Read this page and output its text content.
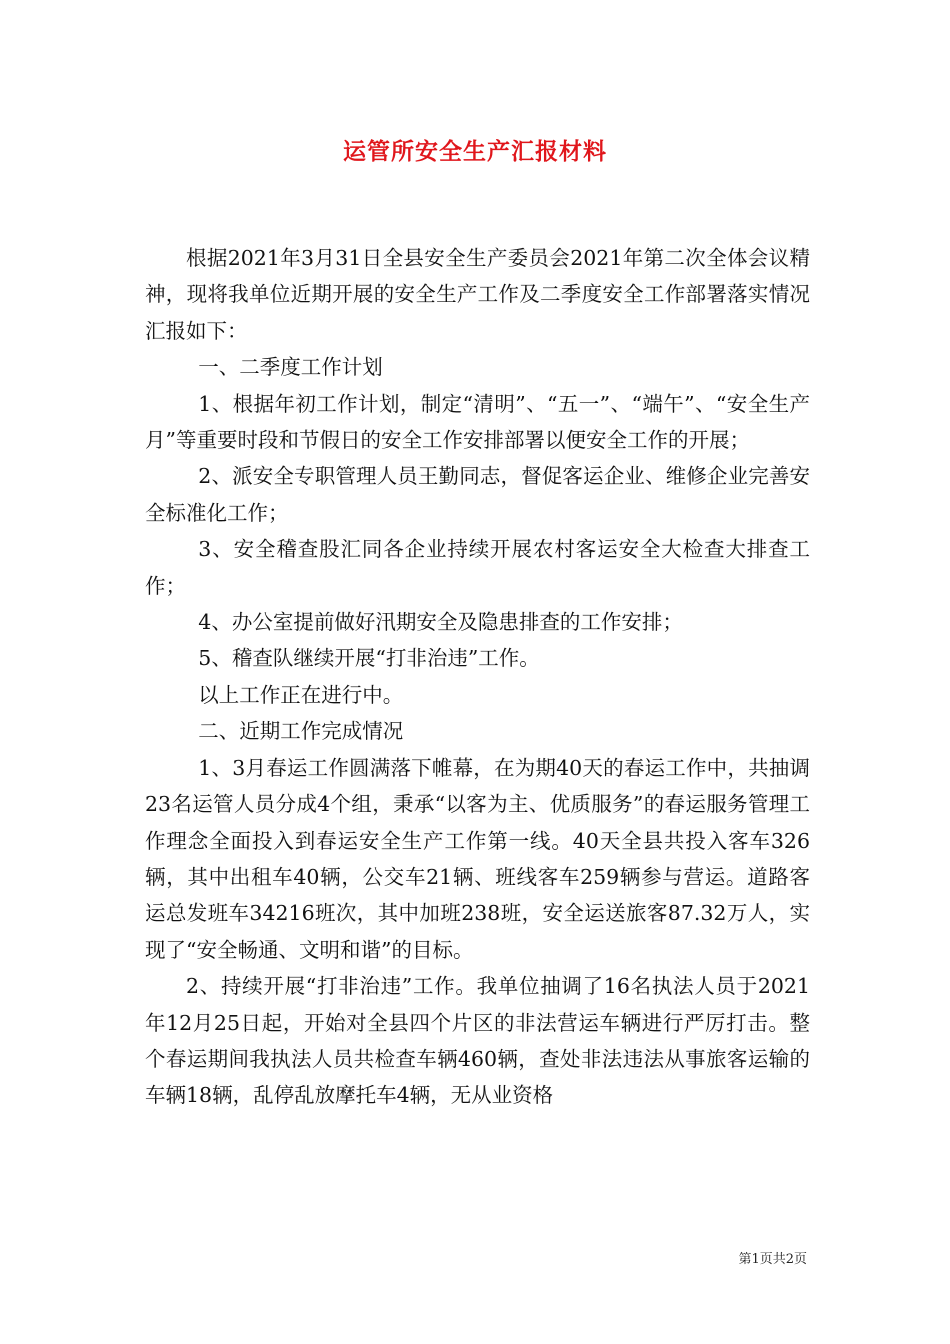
运管所安全生产汇报材料

根据2021年3月31日全县安全生产委员会2021年第二次全体会议精神，现将我单位近期开展的安全生产工作及二季度安全工作部署落实情况汇报如下：

一、二季度工作计划

1、根据年初工作计划，制定“清明”、“五一”、“端午”、“安全生产月”等重要时段和节假日的安全工作安排部署以便安全工作的开展；

2、派安全专职管理人员王勤同志，督促客运企业、维修企业完善安全标准化工作；

3、安全稽查股汇同各企业持续开展农村客运安全大检查大排查工作；

4、办公室提前做好汛期安全及隐患排查的工作安排；

5、稽查队继续开展“打非治违”工作。

以上工作正在进行中。

二、近期工作完成情况

1、3月春运工作圆满落下帷幕，在为期40天的春运工作中，共抽调23名运管人员分成4个组，秉承“以客为主、优质服务”的春运服务管理工作理念全面投入到春运安全生产工作第一线。40天全县共投入客车326辆，其中出租车40辆，公交车21辆、班线客车259辆参与营运。道路客运总发班车34216班次，其中加班238班，安全运送旅客87.32万人，实现了“安全畅通、文明和谐”的目标。

2、持续开展“打非治违”工作。我单位抽调了16名执法人员于2021年12月25日起，开始对全县四个片区的非法营运车辆进行严厉打击。整个春运期间我执法人员共检查车辆460辆，查处非法违法从事旅客运输的车辆18辆，乱停乱放摩托车4辆，无从业资格

第1页共2页
